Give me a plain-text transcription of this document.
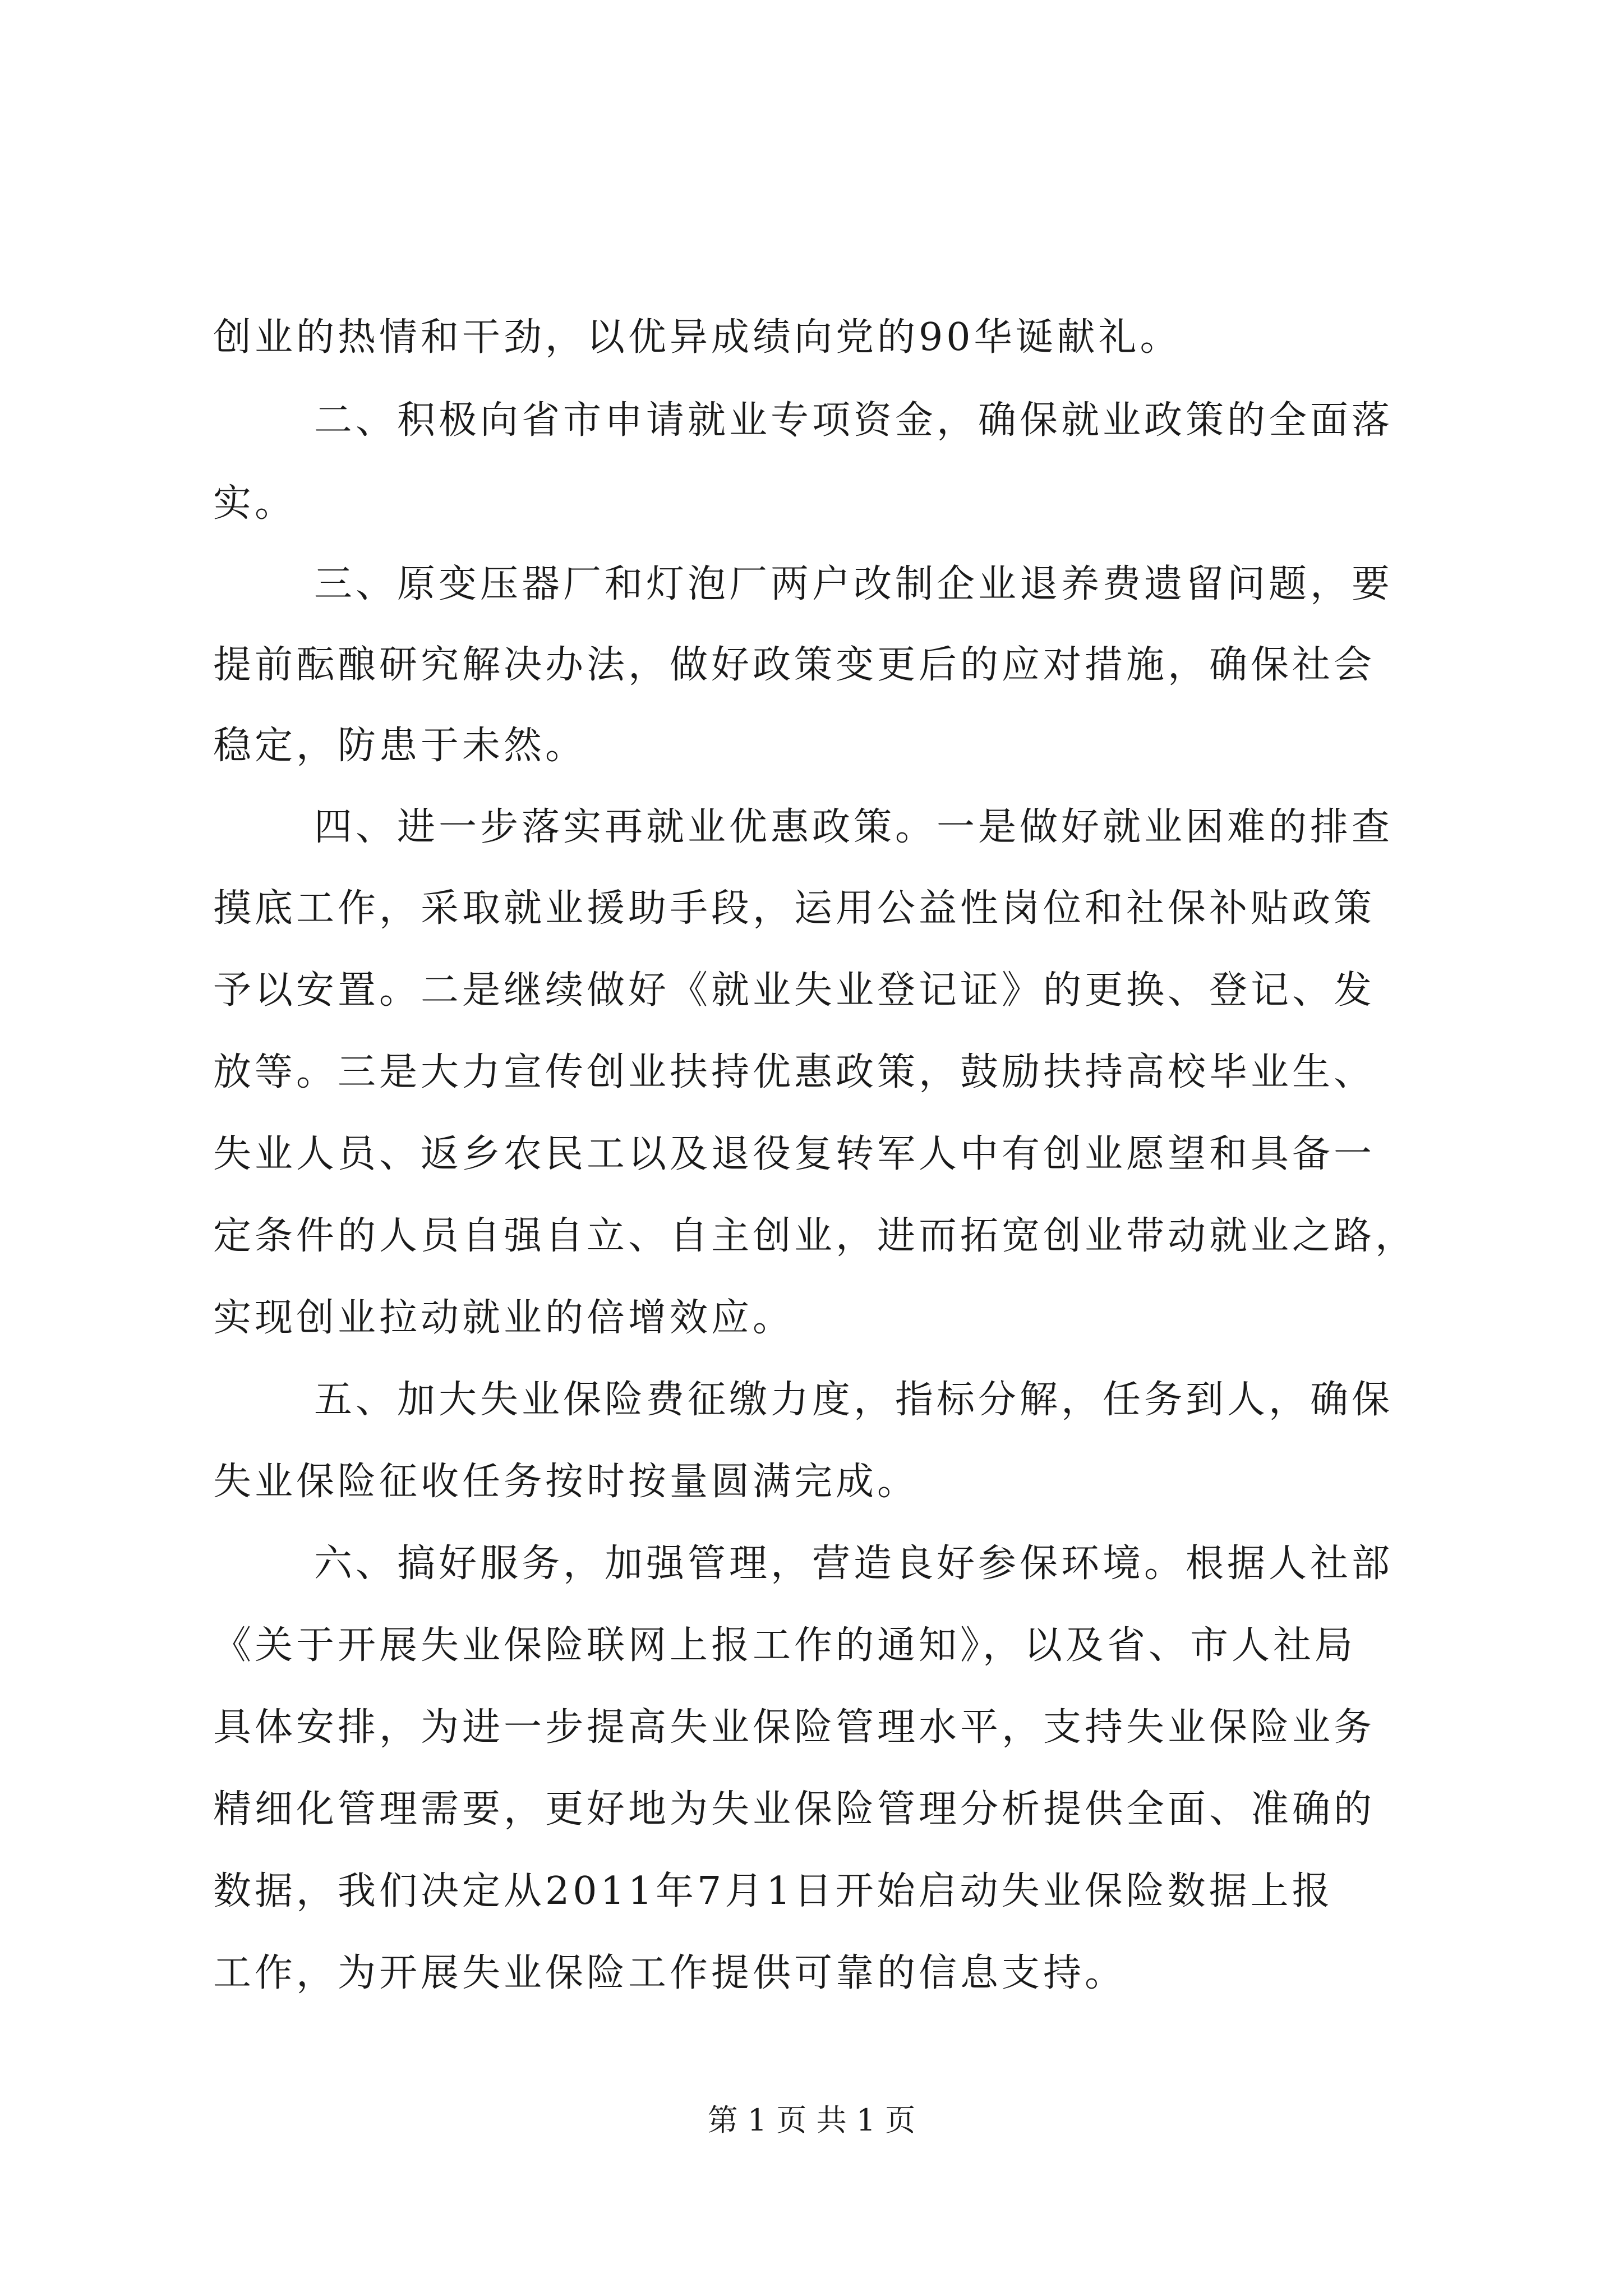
创业的热情和干劲，以优异成绩向党的90华诞献礼。
二、积极向省市申请就业专项资金，确保就业政策的全面落
实。
三、原变压器厂和灯泡厂两户改制企业退养费遗留问题，要
提前酝酿研究解决办法，做好政策变更后的应对措施，确保社会
稳定，防患于未然。
四、进一步落实再就业优惠政策。一是做好就业困难的排查
摸底工作，采取就业援助手段，运用公益性岗位和社保补贴政策
予以安置。二是继续做好《就业失业登记证》的更换、登记、发
放等。三是大力宣传创业扶持优惠政策，鼓励扶持高校毕业生、
失业人员、返乡农民工以及退役复转军人中有创业愿望和具备一
定条件的人员自强自立、自主创业，进而拓宽创业带动就业之路，
实现创业拉动就业的倍增效应。
五、加大失业保险费征缴力度，指标分解，任务到人，确保
失业保险征收任务按时按量圆满完成。
六、搞好服务，加强管理，营造良好参保环境。根据人社部
《关于开展失业保险联网上报工作的通知》，以及省、市人社局
具体安排，为进一步提高失业保险管理水平，支持失业保险业务
精细化管理需要，更好地为失业保险管理分析提供全面、准确的
数据，我们决定从2011年7月1日开始启动失业保险数据上报
工作，为开展失业保险工作提供可靠的信息支持。
第 1 页 共 1 页
